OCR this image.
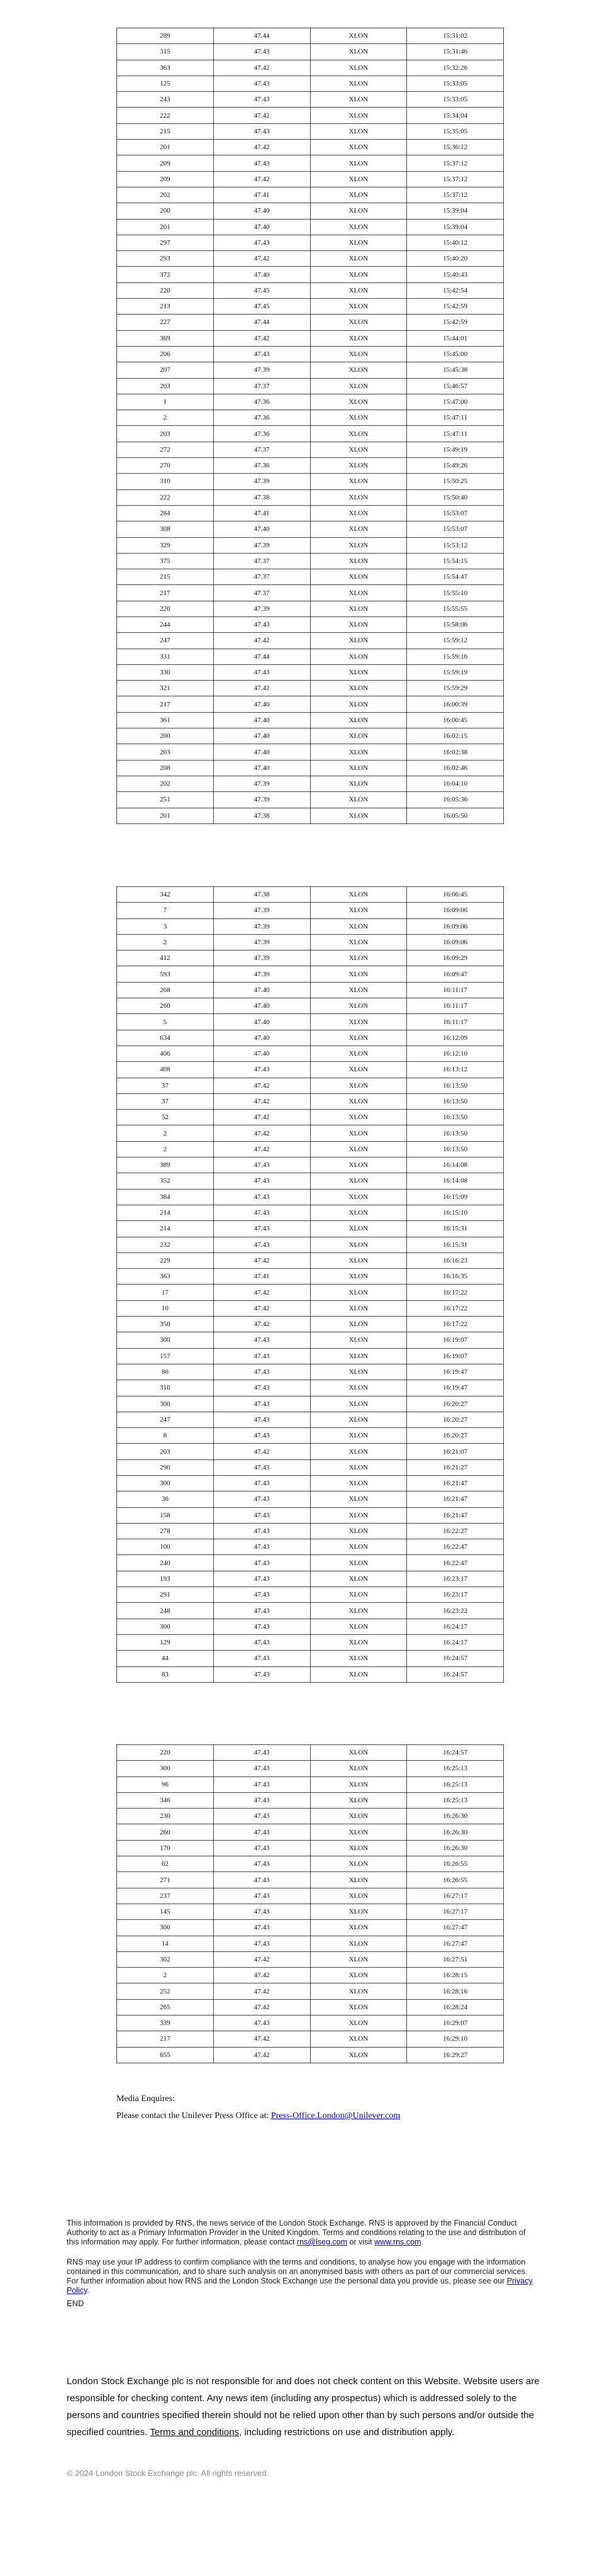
289	47.44	XLON	15:31:02
315	47.43	XLON	15:31:46
363	47.42	XLON	15:32:26
125	47.43	XLON	15:33:05
243	47.43	XLON	15:33:05
222	47.42	XLON	15:34:04
215	47.43	XLON	15:35:05
201	47.42	XLON	15:36:12
209	47.43	XLON	15:37:12
209	47.42	XLON	15:37:12
202	47.41	XLON	15:37:12
200	47.40	XLON	15:39:04
201	47.40	XLON	15:39:04
297	47.43	XLON	15:40:12
293	47.42	XLON	15:40:20
372	47.40	XLON	15:40:43
220	47.45	XLON	15:42:54
213	47.45	XLON	15:42:59
227	47.44	XLON	15:42:59
369	47.42	XLON	15:44:01
206	47.43	XLON	15:45:00
207	47.39	XLON	15:45:38
203	47.37	XLON	15:46:57
1	47.36	XLON	15:47:00
2	47.36	XLON	15:47:11
203	47.36	XLON	15:47:11
272	47.37	XLON	15:49:19
270	47.36	XLON	15:49:26
310	47.39	XLON	15:50:25
222	47.38	XLON	15:50:40
284	47.41	XLON	15:53:07
308	47.40	XLON	15:53:07
329	47.39	XLON	15:53:12
375	47.37	XLON	15:54:15
215	47.37	XLON	15:54:47
217	47.37	XLON	15:55:10
220	47.39	XLON	15:55:55
244	47.43	XLON	15:58:06
247	47.42	XLON	15:59:12
331	47.44	XLON	15:59:16
330	47.43	XLON	15:59:19
321	47.42	XLON	15:59:29
217	47.40	XLON	16:00:39
361	47.40	XLON	16:00:45
200	47.40	XLON	16:02:15
203	47.40	XLON	16:02:38
208	47.40	XLON	16:02:46
202	47.39	XLON	16:04:10
251	47.39	XLON	16:05:36
201	47.38	XLON	16:05:50
342	47.38	XLON	16:06:45
7	47.39	XLON	16:09:06
3	47.39	XLON	16:09:06
2	47.39	XLON	16:09:06
412	47.39	XLON	16:09:29
593	47.39	XLON	16:09:47
268	47.40	XLON	16:11:17
260	47.40	XLON	16:11:17
5	47.40	XLON	16:11:17
634	47.40	XLON	16:12:09
406	47.40	XLON	16:12:10
408	47.43	XLON	16:13:12
37	47.42	XLON	16:13:50
37	47.42	XLON	16:13:50
52	47.42	XLON	16:13:50
2	47.42	XLON	16:13:50
2	47.42	XLON	16:13:50
389	47.43	XLON	16:14:08
352	47.43	XLON	16:14:08
384	47.43	XLON	16:15:09
214	47.43	XLON	16:15:10
214	47.43	XLON	16:15:31
232	47.43	XLON	16:15:31
229	47.42	XLON	16:16:23
363	47.41	XLON	16:16:35
17	47.42	XLON	16:17:22
10	47.42	XLON	16:17:22
350	47.42	XLON	16:17:22
300	47.43	XLON	16:19:07
157	47.43	XLON	16:19:07
86	47.43	XLON	16:19:47
310	47.43	XLON	16:19:47
300	47.43	XLON	16:20:27
247	47.43	XLON	16:20:27
8	47.43	XLON	16:20:27
203	47.42	XLON	16:21:07
290	47.43	XLON	16:21:27
300	47.43	XLON	16:21:47
36	47.43	XLON	16:21:47
158	47.43	XLON	16:21:47
278	47.43	XLON	16:22:27
100	47.43	XLON	16:22:47
240	47.43	XLON	16:22:47
193	47.43	XLON	16:23:17
291	47.43	XLON	16:23:17
248	47.43	XLON	16:23:22
300	47.43	XLON	16:24:17
129	47.43	XLON	16:24:17
44	47.43	XLON	16:24:57
83	47.43	XLON	16:24:57
220	47.43	XLON	16:24:57
300	47.43	XLON	16:25:13
96	47.43	XLON	16:25:13
346	47.43	XLON	16:25:13
230	47.43	XLON	16:26:30
260	47.43	XLON	16:26:30
170	47.43	XLON	16:26:30
62	47.43	XLON	16:26:55
271	47.43	XLON	16:26:55
237	47.43	XLON	16:27:17
145	47.43	XLON	16:27:17
300	47.43	XLON	16:27:47
14	47.43	XLON	16:27:47
302	47.42	XLON	16:27:51
2	47.42	XLON	16:28:15
252	47.42	XLON	16:28:16
265	47.42	XLON	16:28:24
339	47.43	XLON	16:29:07
217	47.42	XLON	16:29:10
655	47.42	XLON	16:29:27
Media Enquires:
Please contact the Unilever Press Office at: Press-Office.London@Unilever.com
This information is provided by RNS, the news service of the London Stock Exchange. RNS is approved by the Financial Conduct Authority to act as a Primary Information Provider in the United Kingdom. Terms and conditions relating to the use and distribution of this information may apply. For further information, please contact rns@lseg.com or visit www.rns.com.
RNS may use your IP address to confirm compliance with the terms and conditions, to analyse how you engage with the information contained in this communication, and to share such analysis on an anonymised basis with others as part of our commercial services. For further information about how RNS and the London Stock Exchange use the personal data you provide us, please see our Privacy Policy.
END
London Stock Exchange plc is not responsible for and does not check content on this Website. Website users are responsible for checking content. Any news item (including any prospectus) which is addressed solely to the persons and countries specified therein should not be relied upon other than by such persons and/or outside the specified countries. Terms and conditions, including restrictions on use and distribution apply.
© 2024 London Stock Exchange plc. All rights reserved.
